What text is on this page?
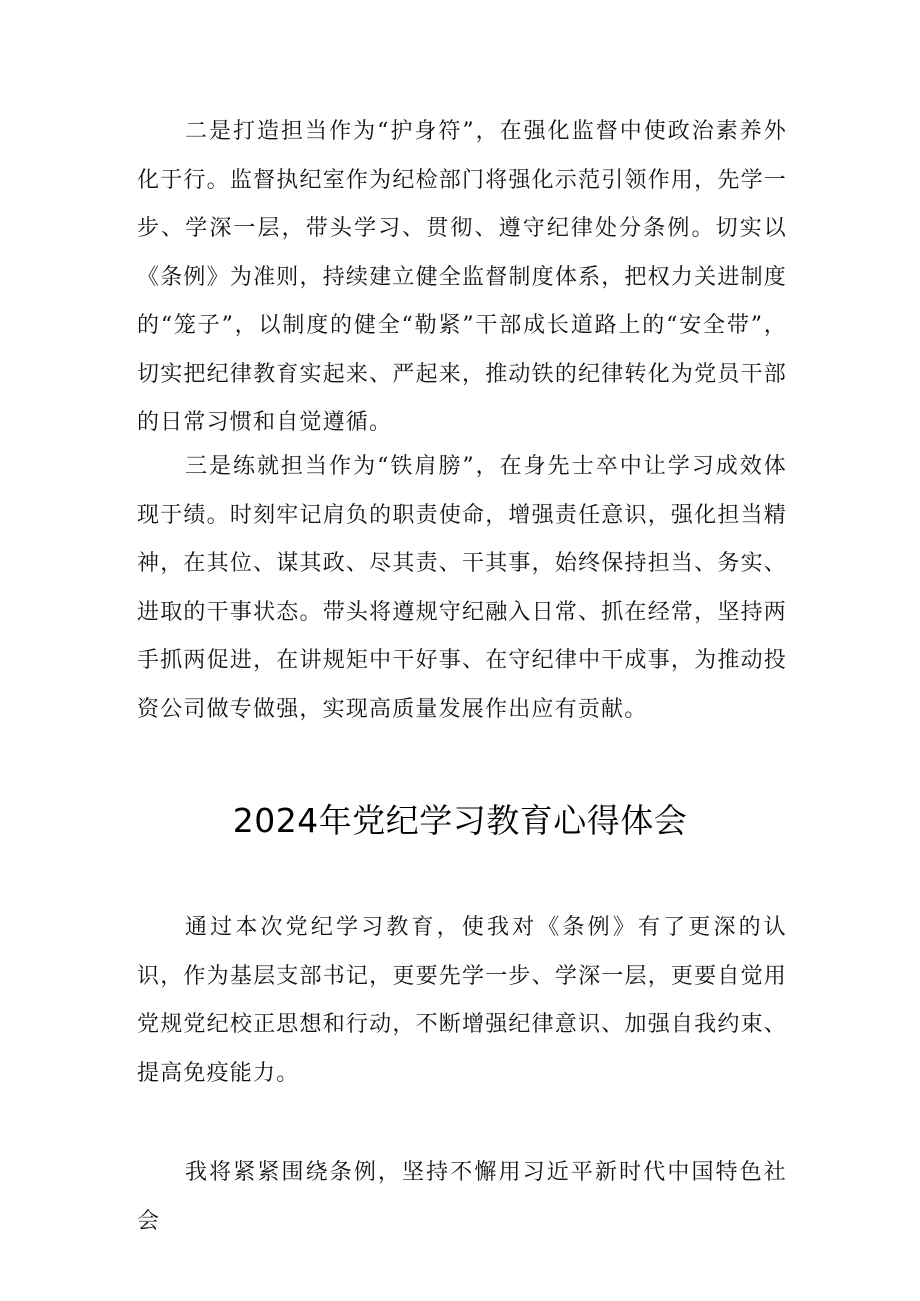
二是打造担当作为“护身符”，在强化监督中使政治素养外化于行。监督执纪室作为纪检部门将强化示范引领作用，先学一步、学深一层，带头学习、贯彻、遵守纪律处分条例。切实以《条例》为准则，持续建立健全监督制度体系，把权力关进制度的“笼子”，以制度的健全“勒紧”干部成长道路上的“安全带”，切实把纪律教育实起来、严起来，推动铁的纪律转化为党员干部的日常习惯和自觉遵循。

三是练就担当作为“铁肩膀”，在身先士卒中让学习成效体现于绩。时刻牢记肩负的职责使命，增强责任意识，强化担当精神，在其位、谋其政、尽其责、干其事，始终保持担当、务实、进取的干事状态。带头将遵规守纪融入日常、抓在经常，坚持两手抓两促进，在讲规矩中干好事、在守纪律中干成事，为推动投资公司做专做强，实现高质量发展作出应有贡献。

2024年党纪学习教育心得体会

通过本次党纪学习教育，使我对《条例》有了更深的认识，作为基层支部书记，更要先学一步、学深一层，更要自觉用党规党纪校正思想和行动，不断增强纪律意识、加强自我约束、提高免疫能力。

我将紧紧围绕条例，坚持不懈用习近平新时代中国特色社会
